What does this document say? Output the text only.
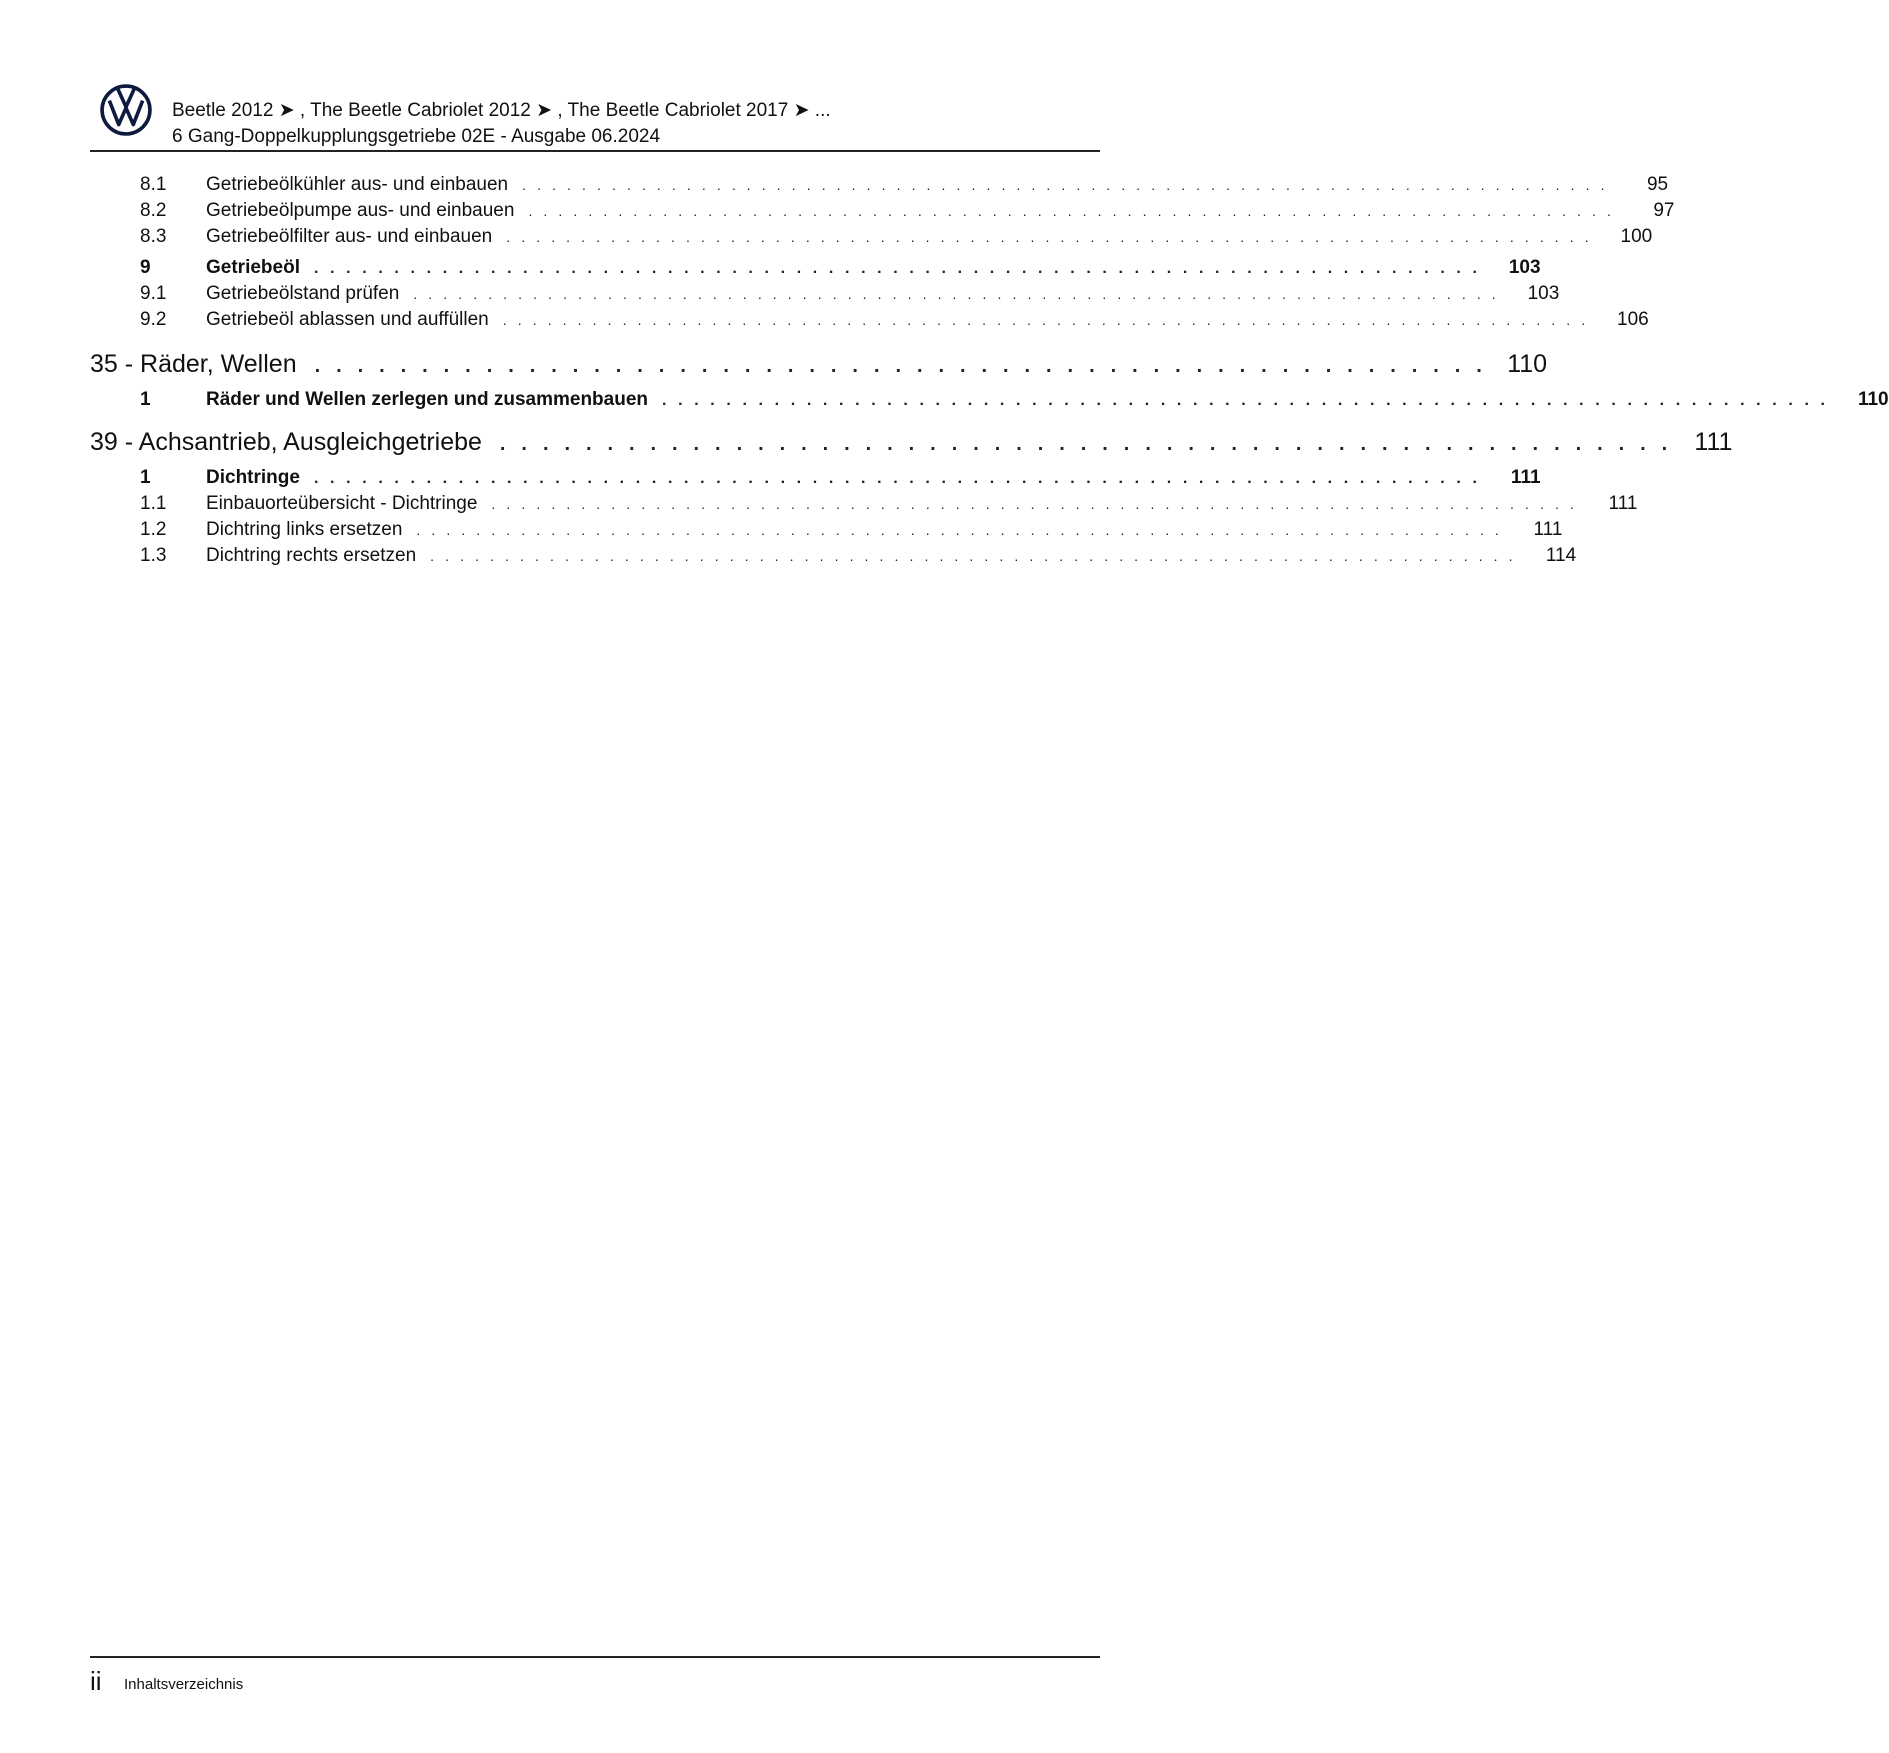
Beetle 2012 ➤ , The Beetle Cabriolet 2012 ➤ , The Beetle Cabriolet 2017 ➤ ...
6 Gang-Doppelkupplungsgetriebe 02E - Ausgabe 06.2024
8.1	Getriebeölkühler aus- und einbauen	. . . . . . . . . . . . . . . . . . . . . . . . . . . . . . . . . . . . . . . . . . . . . . . . . . . . . . . . . . . . . . . . . . . . . . . . .	95
8.2	Getriebeölpumpe aus- und einbauen	. . . . . . . . . . . . . . . . . . . . . . . . . . . . . . . . . . . . . . . . . . . . . . . . . . . . . . . . . . . . . . . . . . . . . . . . .	97
8.3	Getriebeölfilter aus- und einbauen	. . . . . . . . . . . . . . . . . . . . . . . . . . . . . . . . . . . . . . . . . . . . . . . . . . . . . . . . . . . . . . . . . . . . . . . . .	100
9	Getriebeöl . . . . . . . . . . . . . . . . . . . . . . . . . . . . . . . . . . . . . . . . . . . . . . . . . . . . . . . . . . . . . . . . . . . . . . . . .	103
9.1	Getriebeölstand prüfen	. . . . . . . . . . . . . . . . . . . . . . . . . . . . . . . . . . . . . . . . . . . . . . . . . . . . . . . . . . . . . . . . . . . . . . . . .	103
9.2	Getriebeöl ablassen und auffüllen	. . . . . . . . . . . . . . . . . . . . . . . . . . . . . . . . . . . . . . . . . . . . . . . . . . . . . . . . . . . . . . . . . . . . . . . . .	106
35 - Räder, Wellen . . . . . . . . . . . . . . . . . . . . . . . . . . . . . . . . . . . . . . . . . . . . . . . . . . . . . . . 110
1	Räder und Wellen zerlegen und zusammenbauen . . . . . . . . . . . . . . . . . . . . . . . . . . . . . . . . . . . . . . . . . . . . . . . . . . . . . . . . . . . . . . . . . . . . . . . . .	110
39 - Achsantrieb, Ausgleichgetriebe . . . . . . . . . . . . . . . . . . . . . . . . . . . . . . . . . . . . . . . . . . . . . . . . . . . . . . . 111
1	Dichtringe . . . . . . . . . . . . . . . . . . . . . . . . . . . . . . . . . . . . . . . . . . . . . . . . . . . . . . . . . . . . . . . . . . . . . . . . .	111
1.1	Einbauorteübersicht - Dichtringe	. . . . . . . . . . . . . . . . . . . . . . . . . . . . . . . . . . . . . . . . . . . . . . . . . . . . . . . . . . . . . . . . . . . . . . . . .	111
1.2	Dichtring links ersetzen	. . . . . . . . . . . . . . . . . . . . . . . . . . . . . . . . . . . . . . . . . . . . . . . . . . . . . . . . . . . . . . . . . . . . . . . . .	111
1.3	Dichtring rechts ersetzen	. . . . . . . . . . . . . . . . . . . . . . . . . . . . . . . . . . . . . . . . . . . . . . . . . . . . . . . . . . . . . . . . . . . . . . . . .	114
ii Inhaltsverzeichnis
